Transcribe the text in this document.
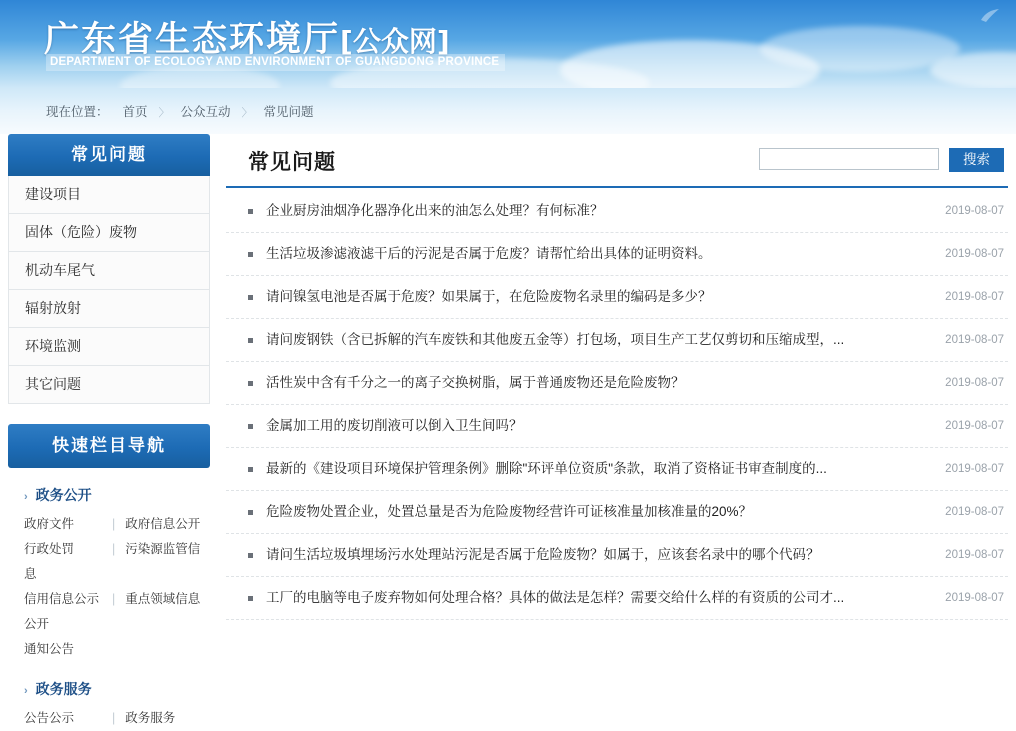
广东省生态环境厅[公众网]
DEPARTMENT OF ECOLOGY AND ENVIRONMENT OF GUANGDONG PROVINCE
现在位置： 首页 〉 公众互动 〉 常见问题
常见问题
建设项目
固体（危险）废物
机动车尾气
辐射放射
环境监测
其它问题
快速栏目导航
› 政务公开
政府文件	| 政府信息公开
行政处罚	| 污染源监管信息
信用信息公示 | 重点领域信息公开
通知公告
› 政务服务
公告公示	| 政务服务
常见问题	搜索
企业厨房油烟净化器净化出来的油怎么处理？有何标准？	2019-08-07
生活垃圾渗滤液滤干后的污泥是否属于危废？请帮忙给出具体的证明资料。	2019-08-07
请问镍氢电池是否属于危废？如果属于，在危险废物名录里的编码是多少？	2019-08-07
请问废钢铁（含已拆解的汽车废铁和其他废五金等）打包场，项目生产工艺仅剪切和压缩成型，...	2019-08-07
活性炭中含有千分之一的离子交换树脂，属于普通废物还是危险废物？	2019-08-07
金属加工用的废切削液可以倒入卫生间吗？	2019-08-07
最新的《建设项目环境保护管理条例》删除"环评单位资质"条款，取消了资格证书审查制度的...	2019-08-07
危险废物处置企业，处置总量是否为危险废物经营许可证核准量加核准量的20%？	2019-08-07
请问生活垃圾填埋场污水处理站污泥是否属于危险废物？如属于，应该套名录中的哪个代码？	2019-08-07
工厂的电脑等电子废弃物如何处理合格？具体的做法是怎样？需要交给什么样的有资质的公司才...	2019-08-07
